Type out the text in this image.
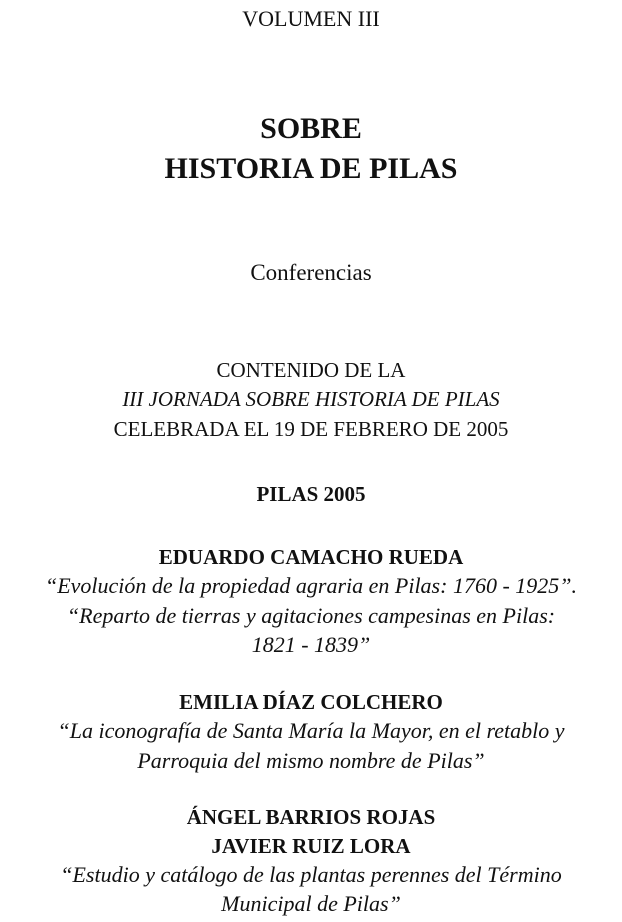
VOLUMEN III
SOBRE
HISTORIA DE PILAS
Conferencias
CONTENIDO DE LA
III JORNADA SOBRE HISTORIA DE PILAS
CELEBRADA EL 19 DE FEBRERO DE 2005
PILAS 2005
EDUARDO CAMACHO RUEDA
“Evolución de la propiedad agraria en Pilas: 1760 - 1925”.
“Reparto de tierras y agitaciones campesinas en Pilas:
1821 - 1839”
EMILIA DÍAZ COLCHERO
“La iconografía de Santa María la Mayor, en el retablo y
Parroquia del mismo nombre de Pilas”
ÁNGEL BARRIOS ROJAS
JAVIER RUIZ LORA
“Estudio y catálogo de las plantas perennes del Término
Municipal de Pilas”
